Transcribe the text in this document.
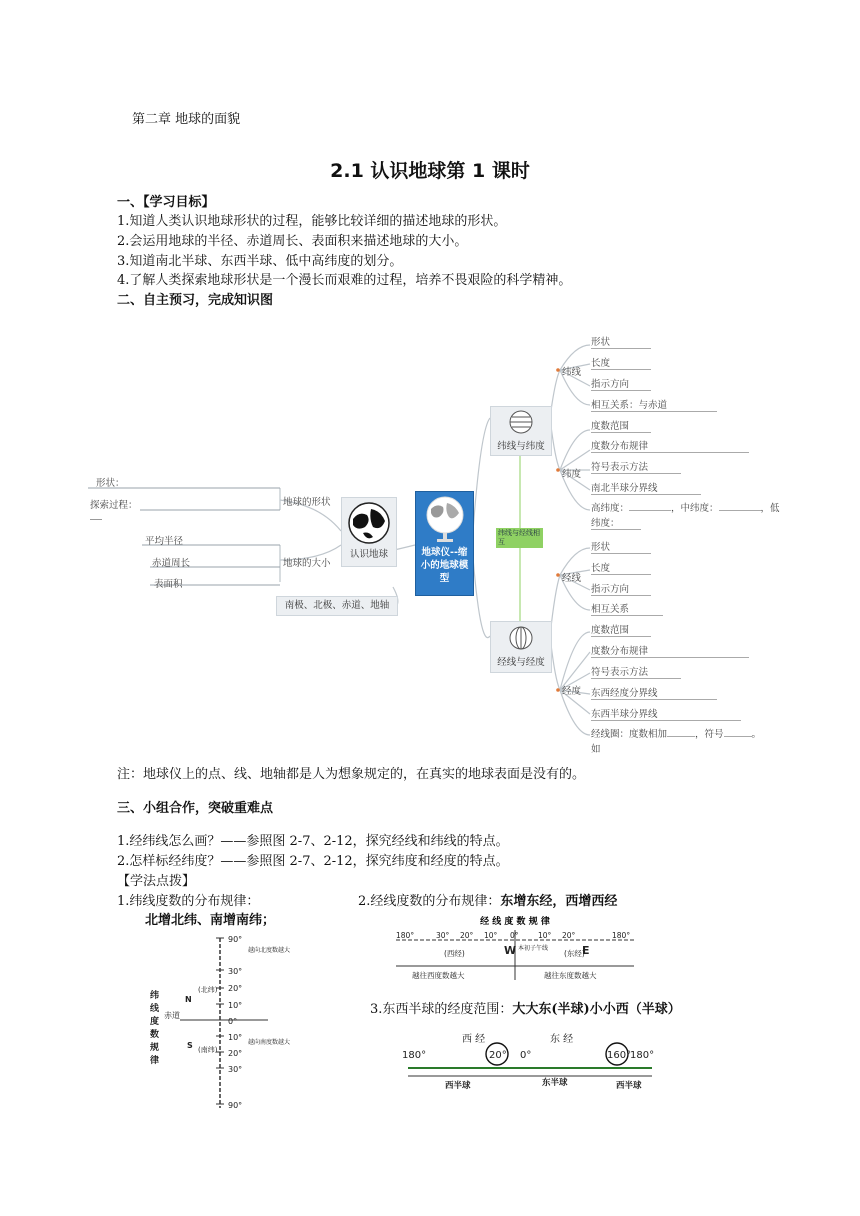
第二章 地球的面貌
2.1 认识地球第 1 课时
一、【学习目标】
1.知道人类认识地球形状的过程，能够比较详细的描述地球的形状。
2.会运用地球的半径、赤道周长、表面积来描述地球的大小。
3.知道南北半球、东西半球、低中高纬度的划分。
4.了解人类探索地球形状是一个漫长而艰难的过程，培养不畏艰险的科学精神。
二、自主预习，完成知识图
形状：
探索过程：	地球的形状
平均半径
赤道周长
表面积
地球的大小
认识地球
南极、北极、赤道、地轴
地球仪--缩小的地球模型
纬线与经线相互
纬线与纬度
纬线
形状
长度
指示方向
相互关系：与赤道
纬度
度数范围
度数分布规律
符号表示方法
南北半球分界线
高纬度：	，中纬度：	，低
纬度：
经线与经度
经线
形状
长度
指示方向
相互关系
经度
度数范围
度数分布规律
符号表示方法
东西经度分界线
东西半球分界线
经线圈：度数相加	，符号	。
如
注：地球仪上的点、线、地轴都是人为想象规定的，在真实的地球表面是没有的。
三、小组合作，突破重难点
1.经纬线怎么画？——参照图 2-7、2-12，探究经线和纬线的特点。
2.怎样标经纬度？——参照图 2-7、2-12，探究纬度和经度的特点。
【学法点拨】
1.纬线度数的分布规律：
北增北纬、南增南纬；
2.经线度数的分布规律：东增东经，西增西经
3.东西半球的经度范围：大大东(半球)小小西（半球）
纬
线
度
数
规
律
90°
30°
20°
10°
0°
10°
20°
30°
90°
N
S
赤道
(北纬)
(南纬)
越向北度数越大
越向南度数越大
经 线 度 数 规 律
180°	30° 20° 10° 0°	10° 20°	180°
W	E
(西经)	(东经)
越往西度数越大	越往东度数越大
本初子午线
西 经	东 经
180°	20° 0°	160°
180°
西半球	东半球	西半球
